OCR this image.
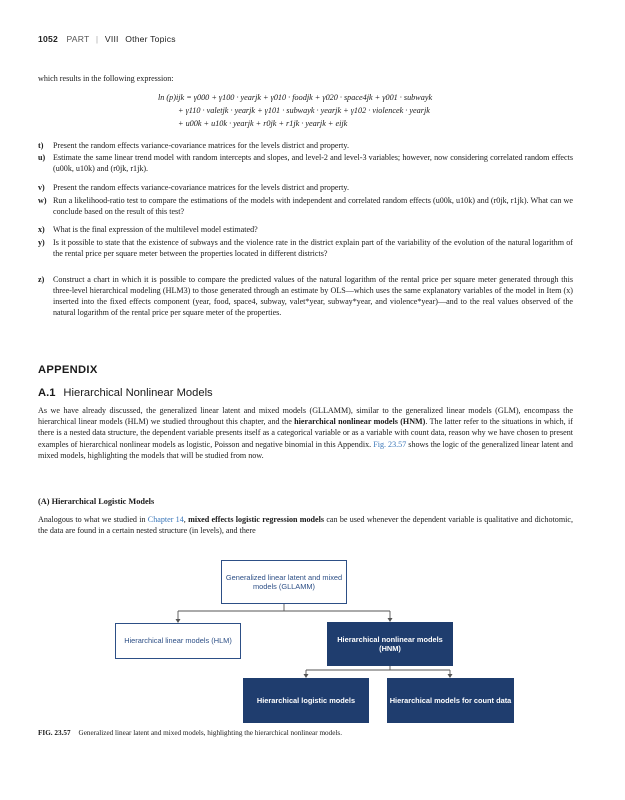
1052 PART | VIII Other Topics
which results in the following expression:
ln (p)ijk = γ000 + γ100 · yearjk + γ010 · foodjk + γ020 · space4jk + γ001 · subwayk
+ γ110 · valetjk · yearjk + γ101 · subwayk · yearjk + γ102 · violencek · yearjk
+ u00k + u10k · yearjk + r0jk + r1jk · yearjk + eijk
t) Present the random effects variance-covariance matrices for the levels district and property.
u) Estimate the same linear trend model with random intercepts and slopes, and level-2 and level-3 variables; however, now considering correlated random effects (u00k, u10k) and (r0jk, r1jk).
v) Present the random effects variance-covariance matrices for the levels district and property.
w) Run a likelihood-ratio test to compare the estimations of the models with independent and correlated random effects (u00k, u10k) and (r0jk, r1jk). What can we conclude based on the result of this test?
x) What is the final expression of the multilevel model estimated?
y) Is it possible to state that the existence of subways and the violence rate in the district explain part of the variability of the evolution of the natural logarithm of the rental price per square meter between the properties located in different districts?
z) Construct a chart in which it is possible to compare the predicted values of the natural logarithm of the rental price per square meter generated through this three-level hierarchical modeling (HLM3) to those generated through an estimate by OLS—which uses the same explanatory variables of the model in Item (x) inserted into the fixed effects component (year, food, space4, subway, valet*year, subway*year, and violence*year)—and to the real values observed of the natural logarithm of the rental price per square meter of the properties.
APPENDIX
A.1 Hierarchical Nonlinear Models
As we have already discussed, the generalized linear latent and mixed models (GLLAMM), similar to the generalized linear models (GLM), encompass the hierarchical linear models (HLM) we studied throughout this chapter, and the hierarchical nonlinear models (HNM). The latter refer to the situations in which, if there is a nested data structure, the dependent variable presents itself as a categorical variable or as a variable with count data, reason why we have chosen to present examples of hierarchical nonlinear models as logistic, Poisson and negative binomial in this Appendix. Fig. 23.57 shows the logic of the generalized linear latent and mixed models, highlighting the models that will be studied from now.
(A) Hierarchical Logistic Models
Analogous to what we studied in Chapter 14, mixed effects logistic regression models can be used whenever the dependent variable is qualitative and dichotomic, the data are found in a certain nested structure (in levels), and there
Generalized linear latent and mixed models (GLLAMM)
Hierarchical linear models (HLM)	Hierarchical nonlinear models (HNM)
Hierarchical logistic models	Hierarchical models for count data
FIG. 23.57 Generalized linear latent and mixed models, highlighting the hierarchical nonlinear models.
